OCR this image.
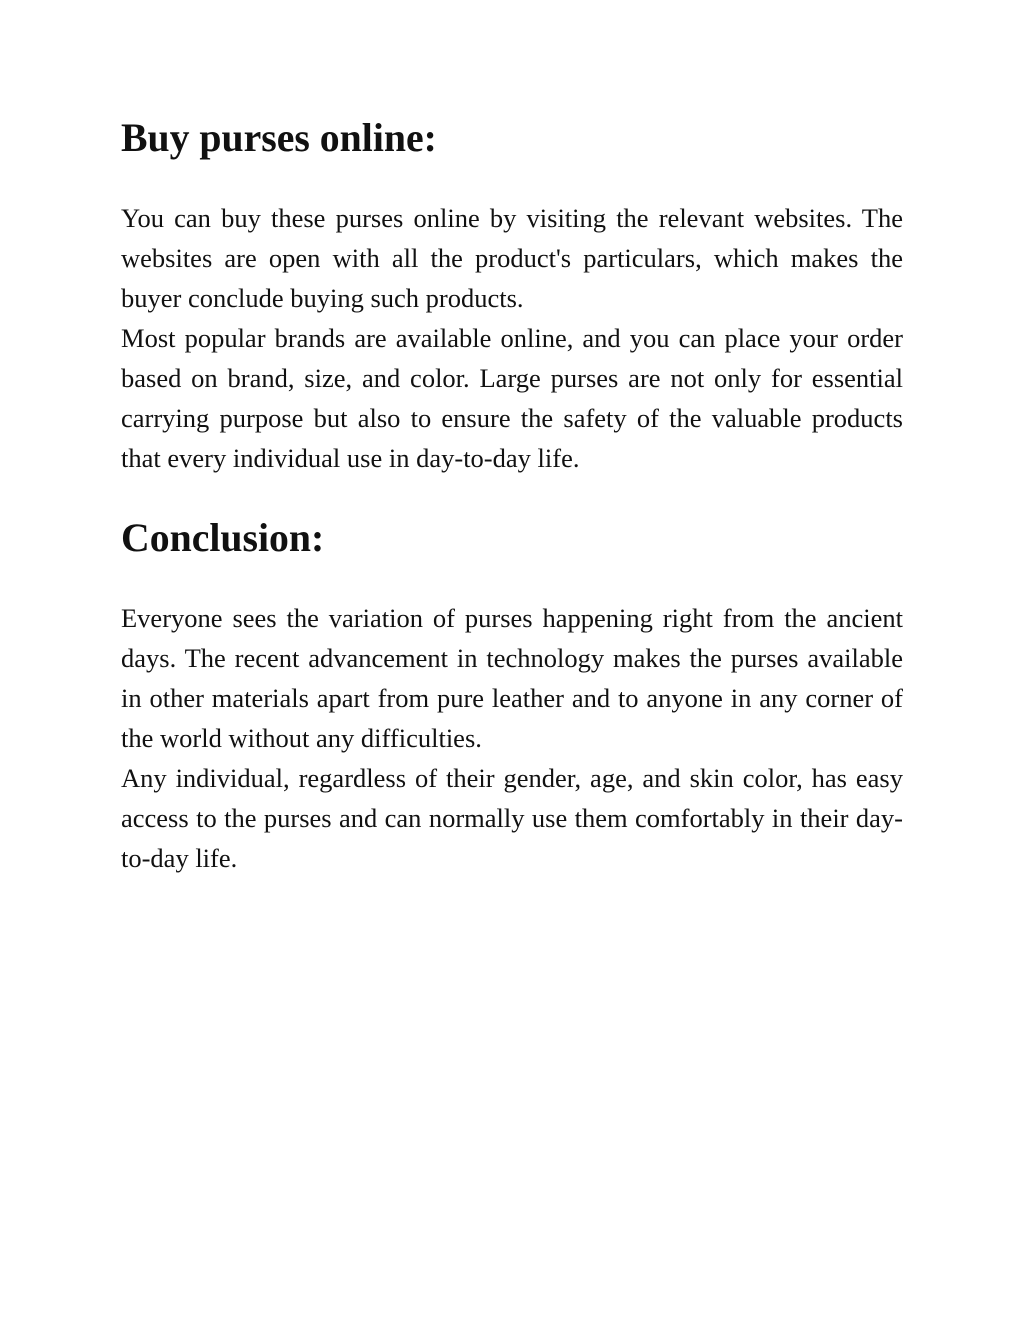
Buy purses online:

You can buy these purses online by visiting the relevant websites. The websites are open with all the product's particulars, which makes the buyer conclude buying such products.

Most popular brands are available online, and you can place your order based on brand, size, and color. Large purses are not only for essential carrying purpose but also to ensure the safety of the valuable products that every individual use in day-to-day life.

Conclusion:

Everyone sees the variation of purses happening right from the ancient days. The recent advancement in technology makes the purses available in other materials apart from pure leather and to anyone in any corner of the world without any difficulties.

Any individual, regardless of their gender, age, and skin color, has easy access to the purses and can normally use them comfortably in their day-to-day life.
